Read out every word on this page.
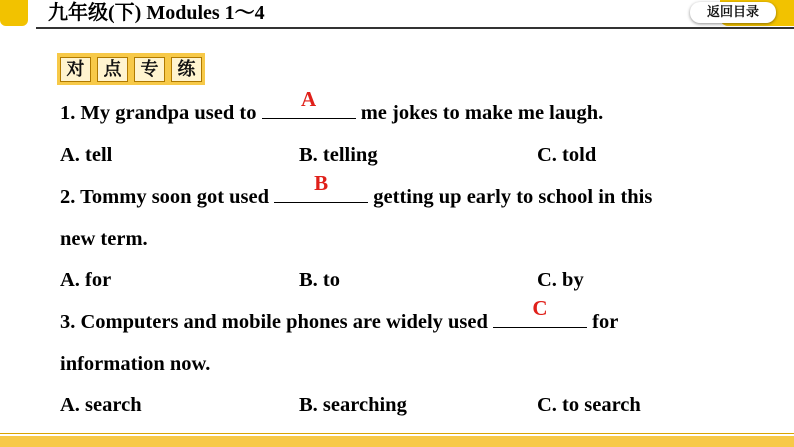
九年级(下) Modules 1～4	返回目录
对	点	专	练
1. My grandpa used to
A
me jokes to make me laugh.
A. tell	B. telling	C. told
2. Tommy soon got used
B
getting up early to school in this
new term.
A. for	B. to	C. by
3. Computers and mobile phones are widely used
C
for
information now.
A. search	B. searching	C. to search
